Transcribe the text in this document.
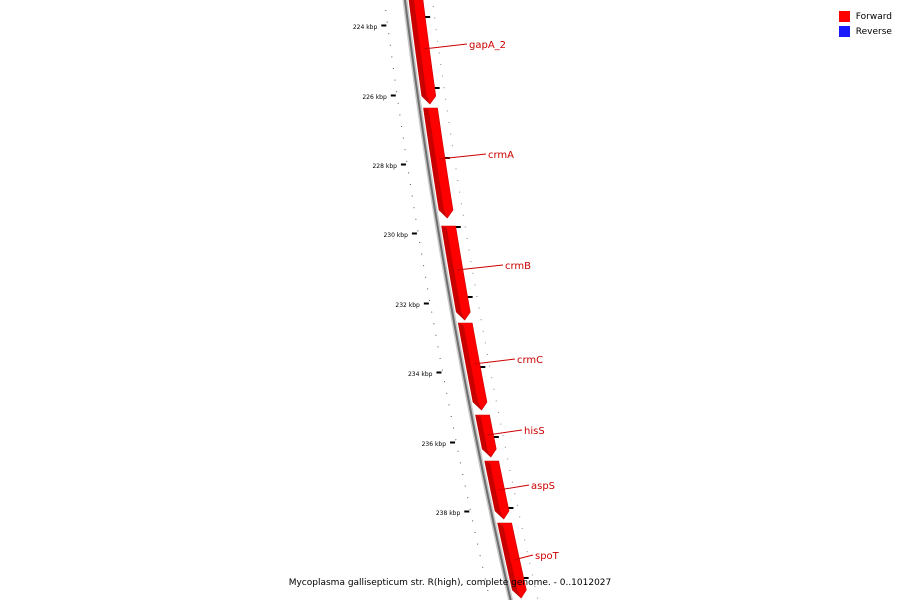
224 kbp
226 kbp
228 kbp
230 kbp
232 kbp
234 kbp
236 kbp
238 kbp
gapA_2
crmA
crmB
crmC
hisS
aspS
spoT
Forward
Reverse
Mycoplasma gallisepticum str. R(high), complete genome. - 0..1012027
